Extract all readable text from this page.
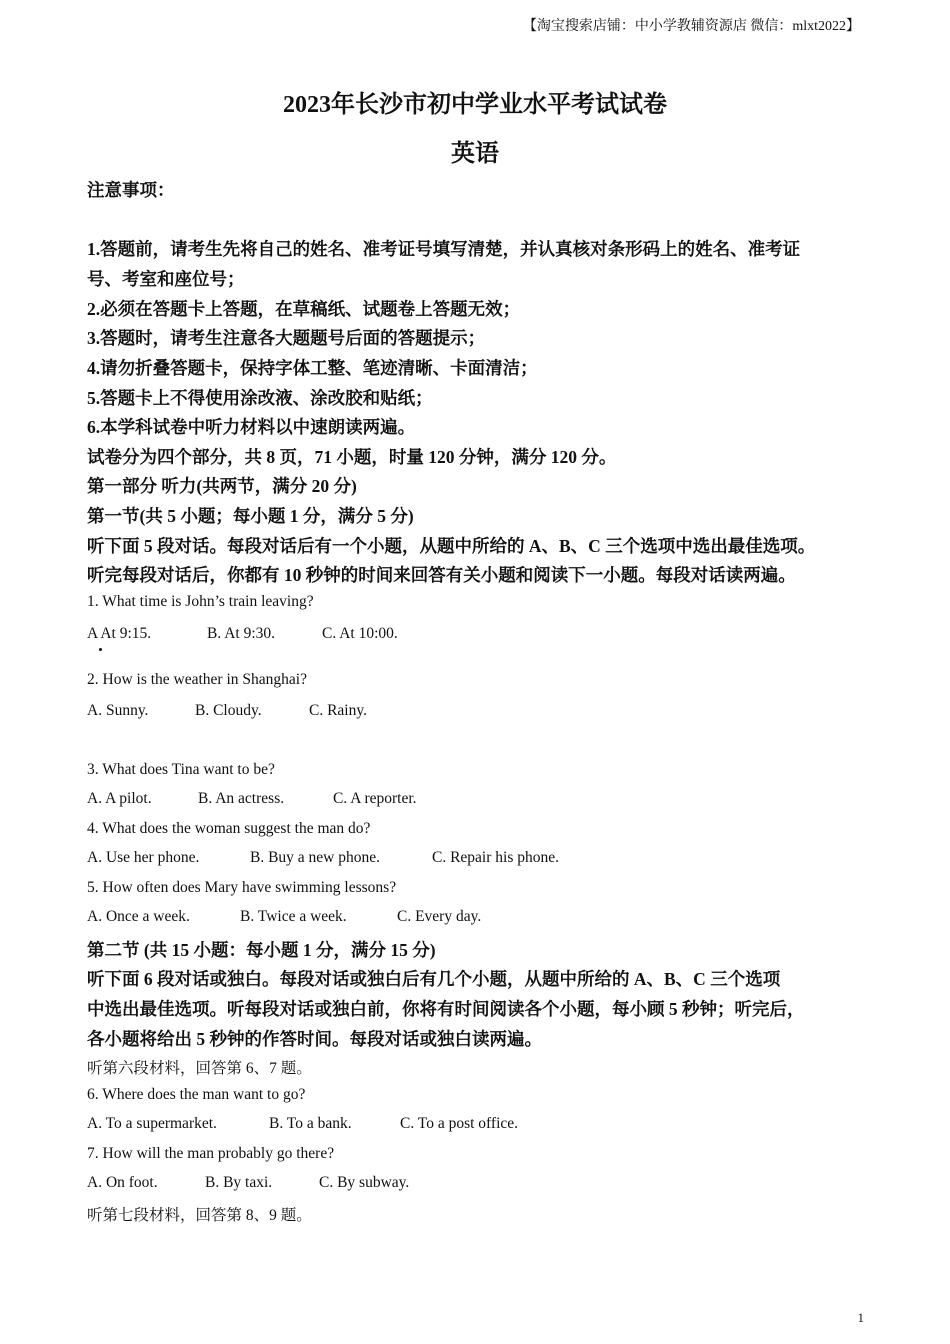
【淘宝搜索店铺：中小学教辅资源店 微信：mlxt2022】
2023年长沙市初中学业水平考试试卷
英语
注意事项：
1.答题前，请考生先将自己的姓名、准考证号填写清楚，并认真核对条形码上的姓名、准考证
号、考室和座位号；
2.必须在答题卡上答题，在草稿纸、试题卷上答题无效；
3.答题时，请考生注意各大题题号后面的答题提示；
4.请勿折叠答题卡，保持字体工整、笔迹清晰、卡面清洁；
5.答题卡上不得使用涂改液、涂改胶和贴纸；
6.本学科试卷中听力材料以中速朗读两遍。
试卷分为四个部分，共 8 页，71 小题，时量 120 分钟，满分 120 分。
第一部分 听力(共两节，满分 20 分)
第一节(共 5 小题；每小题 1 分，满分 5 分)
听下面 5 段对话。每段对话后有一个小题，从题中所给的 A、B、C 三个选项中选出最佳选项。
听完每段对话后，你都有 10 秒钟的时间来回答有关小题和阅读下一小题。每段对话读两遍。
1. What time is John’s train leaving?
A At 9:15.	B. At 9:30.	C. At 10:00.
2. How is the weather in Shanghai?
A. Sunny.	B. Cloudy.	C. Rainy.
3. What does Tina want to be?
A. A pilot.	B. An actress.	C. A reporter.
4. What does the woman suggest the man do?
A. Use her phone.	B. Buy a new phone.	C. Repair his phone.
5. How often does Mary have swimming lessons?
A. Once a week.	B. Twice a week.	C. Every day.
第二节 (共 15 小题：每小题 1 分，满分 15 分)
听下面 6 段对话或独白。每段对话或独白后有几个小题，从题中所给的 A、B、C 三个选项
中选出最佳选项。听每段对话或独白前，你将有时间阅读各个小题，每小顾 5 秒钟；听完后，
各小题将给出 5 秒钟的作答时间。每段对话或独白读两遍。
听第六段材料，回答第 6、7 题。
6. Where does the man want to go?
A. To a supermarket.	B. To a bank.	C. To a post office.
7. How will the man probably go there?
A. On foot.	B. By taxi.	C. By subway.
听第七段材料，回答第 8、9 题。
1
